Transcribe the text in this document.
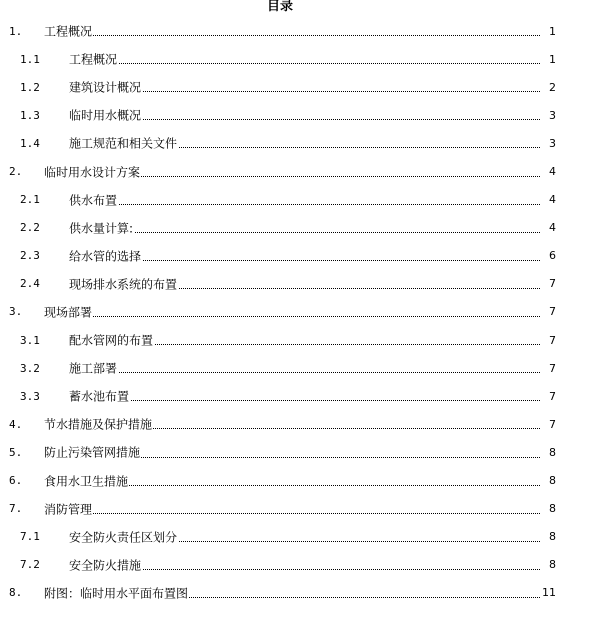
目录
1. 工程概况	1
1.1 工程概况	1
1.2 建筑设计概况	2
1.3 临时用水概况	3
1.4 施工规范和相关文件	3
2. 临时用水设计方案	4
2.1 供水布置	4
2.2 供水量计算:	4
2.3 给水管的选择	6
2.4 现场排水系统的布置	7
3. 现场部署	7
3.1 配水管网的布置	7
3.2 施工部署	7
3.3 蓄水池布置	7
4. 节水措施及保护措施	7
5. 防止污染管网措施	8
6. 食用水卫生措施	8
7. 消防管理	8
7.1 安全防火责任区划分	8
7.2 安全防火措施	8
8. 附图：临时用水平面布置图	11
